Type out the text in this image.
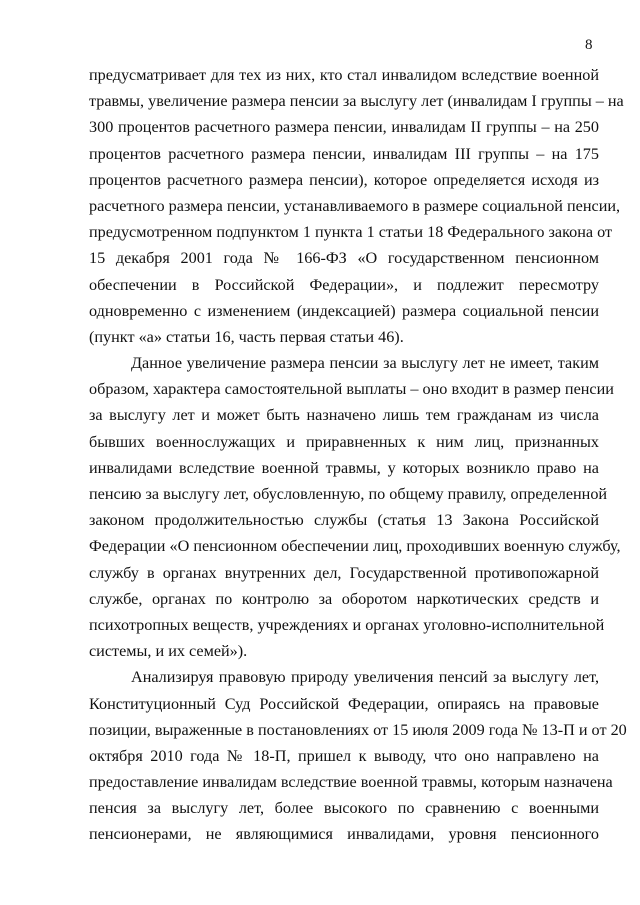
8

предусматривает для тех из них, кто стал инвалидом вследствие военной
травмы, увеличение размера пенсии за выслугу лет (инвалидам I группы – на
300 процентов расчетного размера пенсии, инвалидам II группы – на 250
процентов расчетного размера пенсии, инвалидам III группы – на 175
процентов расчетного размера пенсии), которое определяется исходя из
расчетного размера пенсии, устанавливаемого в размере социальной пенсии,
предусмотренном подпунктом 1 пункта 1 статьи 18 Федерального закона от
15 декабря 2001 года № 166-ФЗ «О государственном пенсионном
обеспечении в Российской Федерации», и подлежит пересмотру
одновременно с изменением (индексацией) размера социальной пенсии
(пункт «а» статьи 16, часть первая статьи 46).

Данное увеличение размера пенсии за выслугу лет не имеет, таким
образом, характера самостоятельной выплаты – оно входит в размер пенсии
за выслугу лет и может быть назначено лишь тем гражданам из числа
бывших военнослужащих и приравненных к ним лиц, признанных
инвалидами вследствие военной травмы, у которых возникло право на
пенсию за выслугу лет, обусловленную, по общему правилу, определенной
законом продолжительностью службы (статья 13 Закона Российской
Федерации «О пенсионном обеспечении лиц, проходивших военную службу,
службу в органах внутренних дел, Государственной противопожарной
службе, органах по контролю за оборотом наркотических средств и
психотропных веществ, учреждениях и органах уголовно-исполнительной
системы, и их семей»).

Анализируя правовую природу увеличения пенсий за выслугу лет,
Конституционный Суд Российской Федерации, опираясь на правовые
позиции, выраженные в постановлениях от 15 июля 2009 года № 13-П и от 20
октября 2010 года № 18-П, пришел к выводу, что оно направлено на
предоставление инвалидам вследствие военной травмы, которым назначена
пенсия за выслугу лет, более высокого по сравнению с военными
пенсионерами, не являющимися инвалидами, уровня пенсионного
